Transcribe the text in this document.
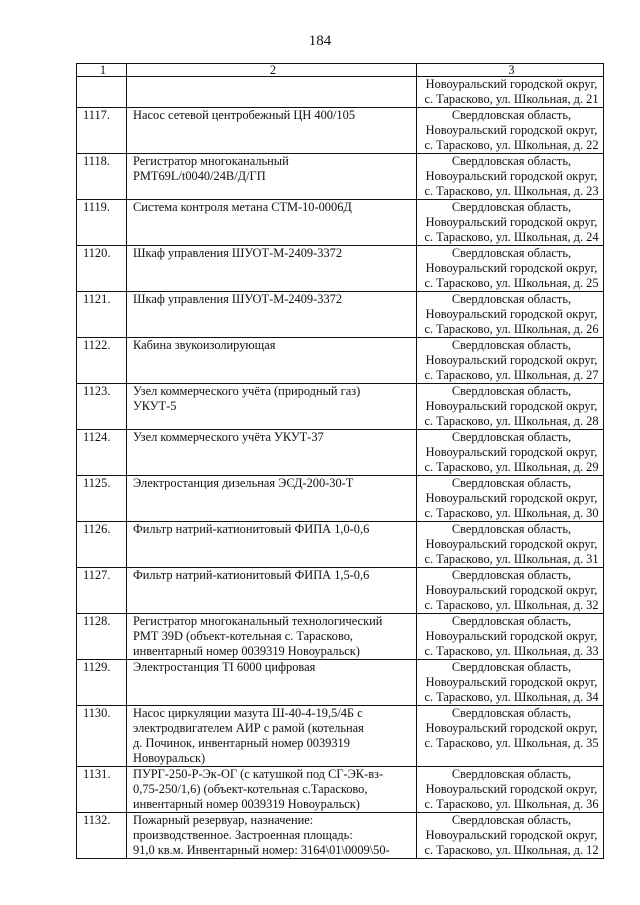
184
1	2	3

		Новоуральский городской округ,
с. Тарасково, ул. Школьная, д. 21

1117.	Насос сетевой центробежный ЦН 400/105	Свердловская область,
Новоуральский городской округ,
с. Тарасково, ул. Школьная, д. 22

1118.	Регистратор многоканальный
РМТ69L/t0040/24В/Д/ГП	Свердловская область,
Новоуральский городской округ,
с. Тарасково, ул. Школьная, д. 23

1119.	Система контроля метана СТМ-10-0006Д	Свердловская область,
Новоуральский городской округ,
с. Тарасково, ул. Школьная, д. 24

1120.	Шкаф управления ШУОТ-М-2409-3372	Свердловская область,
Новоуральский городской округ,
с. Тарасково, ул. Школьная, д. 25

1121.	Шкаф управления ШУОТ-М-2409-3372	Свердловская область,
Новоуральский городской округ,
с. Тарасково, ул. Школьная, д. 26

1122.	Кабина звукоизолирующая	Свердловская область,
Новоуральский городской округ,
с. Тарасково, ул. Школьная, д. 27

1123.	Узел коммерческого учёта (природный газ)
УКУТ-5	Свердловская область,
Новоуральский городской округ,
с. Тарасково, ул. Школьная, д. 28

1124.	Узел коммерческого учёта УКУТ-37	Свердловская область,
Новоуральский городской округ,
с. Тарасково, ул. Школьная, д. 29

1125.	Электростанция дизельная ЭСД-200-30-Т	Свердловская область,
Новоуральский городской округ,
с. Тарасково, ул. Школьная, д. 30

1126.	Фильтр натрий-катионитовый ФИПА 1,0-0,6	Свердловская область,
Новоуральский городской округ,
с. Тарасково, ул. Школьная, д. 31

1127.	Фильтр натрий-катионитовый ФИПА 1,5-0,6	Свердловская область,
Новоуральский городской округ,
с. Тарасково, ул. Школьная, д. 32

1128.	Регистратор многоканальный технологический
РМТ 39D (объект-котельная с. Тарасково,
инвентарный номер 0039319 Новоуральск)	Свердловская область,
Новоуральский городской округ,
с. Тарасково, ул. Школьная, д. 33

1129.	Электростанция TI 6000 цифровая	Свердловская область,
Новоуральский городской округ,
с. Тарасково, ул. Школьная, д. 34

1130.	Насос циркуляции мазута Ш-40-4-19,5/4Б с
электродвигателем АИР с рамой (котельная
д. Починок, инвентарный номер 0039319
Новоуральск)	Свердловская область,
Новоуральский городской округ,
с. Тарасково, ул. Школьная, д. 35

1131.	ПУРГ-250-Р-Эк-ОГ (с катушкой под СГ-ЭК-вз-
0,75-250/1,6) (объект-котельная с.Тарасково,
инвентарный номер 0039319 Новоуральск)	Свердловская область,
Новоуральский городской округ,
с. Тарасково, ул. Школьная, д. 36

1132.	Пожарный резервуар, назначение:
производственное. Застроенная площадь:
91,0 кв.м. Инвентарный номер: 3164\01\0009\50-	Свердловская область,
Новоуральский городской округ,
с. Тарасково, ул. Школьная, д. 12
